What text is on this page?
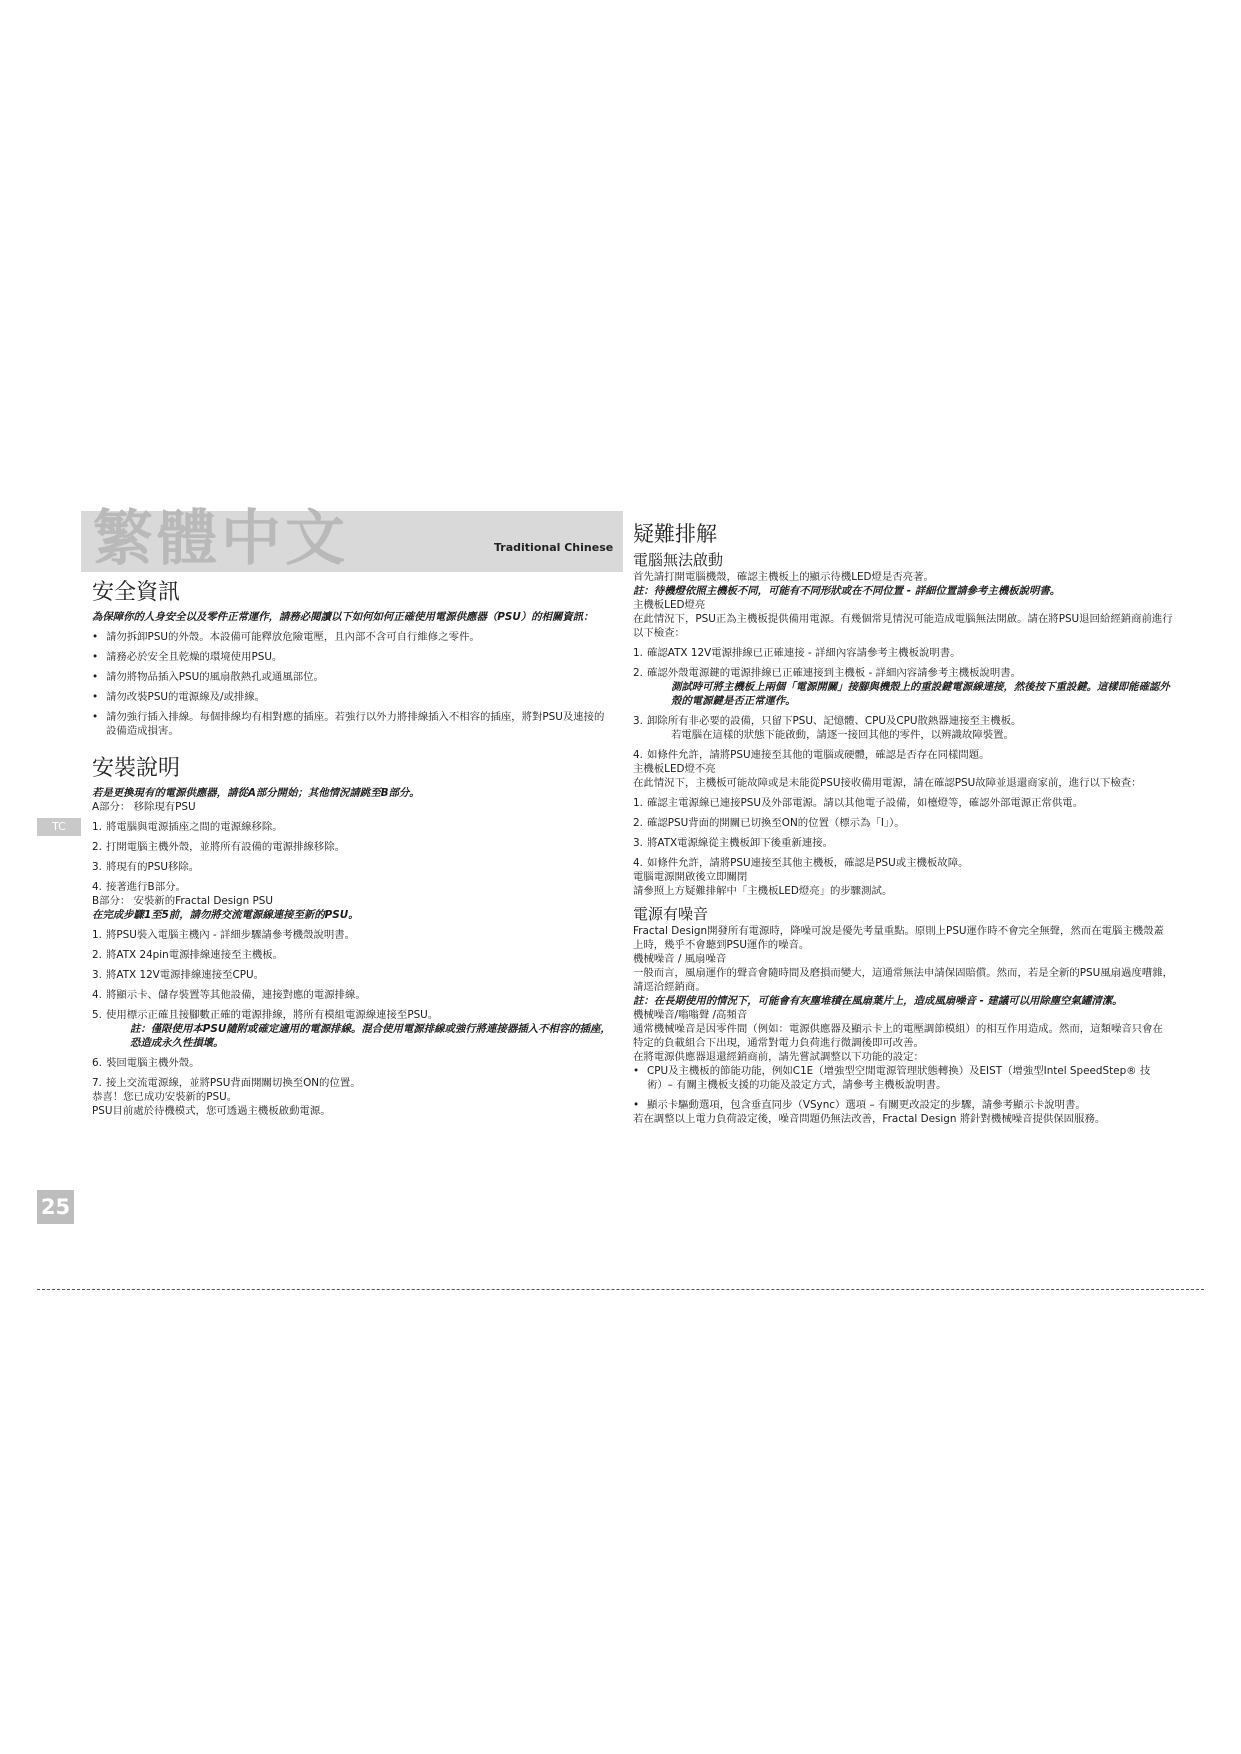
繁體中文	Traditional Chinese
TC
25
安全資訊

為保障你的人身安全以及零件正常運作，請務必閱讀以下如何如何正確使用電源供應器（PSU）的相關資訊：

• 請勿拆卸PSU的外殼。本設備可能釋放危險電壓，且內部不含可自行維修之零件。
• 請務必於安全且乾燥的環境使用PSU。
• 請勿將物品插入PSU的風扇散熱孔或通風部位。
• 請勿改裝PSU的電源線及/或排線。
• 請勿強行插入排線。每個排線均有相對應的插座。若強行以外力將排線插入不相容的插座，將對PSU及連接的設備造成損害。
安裝說明

若是更換現有的電源供應器，請從A部分開始；其他情況請跳至B部分。

A部分： 移除現有PSU

1. 將電腦與電源插座之間的電源線移除。
2. 打開電腦主機外殼，並將所有設備的電源排線移除。
3. 將現有的PSU移除。
4. 接著進行B部分。

B部分： 安裝新的Fractal Design PSU

在完成步驟1至5前，請勿將交流電源線連接至新的PSU。

1. 將PSU裝入電腦主機內 - 詳細步驟請參考機殼說明書。
2. 將ATX 24pin電源排線連接至主機板。
3. 將ATX 12V電源排線連接至CPU。
4. 將顯示卡、儲存裝置等其他設備，連接對應的電源排線。
5. 使用標示正確且接腳數正確的電源排線，將所有模組電源線連接至PSU。
註：僅限使用本PSU隨附或確定適用的電源排線。混合使用電源排線或強行將連接器插入不相容的插座，恐造成永久性損壞。
6. 裝回電腦主機外殼。
7. 接上交流電源線，並將PSU背面開關切換至ON的位置。

恭喜！您已成功安裝新的PSU。

PSU目前處於待機模式，您可透過主機板啟動電源。

疑難排解
電腦無法啟動

首先請打開電腦機殼，確認主機板上的顯示待機LED燈是否亮著。

註：待機燈依照主機板不同，可能有不同形狀或在不同位置 - 詳細位置請參考主機板說明書。

主機板LED燈亮

在此情況下，PSU正為主機板提供備用電源。有幾個常見情況可能造成電腦無法開啟。請在將PSU退回給經銷商前進行以下檢查：

1. 確認ATX 12V電源排線已正確連接 - 詳細內容請參考主機板說明書。
2. 確認外殼電源鍵的電源排線已正確連接到主機板 - 詳細內容請參考主機板說明書。
測試時可將主機板上兩個「電源開關」接腳與機殼上的重設鍵電源線連接，然後按下重設鍵。這樣即能確認外殼的電源鍵是否正常運作。
3. 卸除所有非必要的設備，只留下PSU、記憶體、CPU及CPU散熱器連接至主機板。
若電腦在這樣的狀態下能啟動，請逐一接回其他的零件，以辨識故障裝置。
4. 如條件允許，請將PSU連接至其他的電腦或硬體，確認是否存在同樣問題。

主機板LED燈不亮

在此情況下，主機板可能故障或是未能從PSU接收備用電源，請在確認PSU故障並退還商家前，進行以下檢查：

1. 確認主電源線已連接PSU及外部電源。請以其他電子設備，如檯燈等，確認外部電源正常供電。
2. 確認PSU背面的開關已切換至ON的位置（標示為「I」）。
3. 將ATX電源線從主機板卸下後重新連接。
4. 如條件允許，請將PSU連接至其他主機板，確認是PSU或主機板故障。

電腦電源開啟後立即關閉

請參照上方疑難排解中「主機板LED燈亮」的步驟測試。

電源有噪音

Fractal Design開發所有電源時，降噪可說是優先考量重點。原則上PSU運作時不會完全無聲，然而在電腦主機殼蓋上時，幾乎不會聽到PSU運作的噪音。

機械噪音 / 風扇噪音

一般而言，風扇運作的聲音會隨時間及磨損而變大，這通常無法申請保固賠償。然而，若是全新的PSU風扇過度嘈雜，請逕洽經銷商。

註：在長期使用的情況下，可能會有灰塵堆積在風扇葉片上，造成風扇噪音 - 建議可以用除塵空氣罐清潔。

機械噪音/嗡嗡聲 /高頻音

通常機械噪音是因零件間（例如：電源供應器及顯示卡上的電壓調節模組）的相互作用造成。然而，這類噪音只會在特定的負載組合下出現，通常對電力負荷進行微調後即可改善。

在將電源供應器退還經銷商前，請先嘗試調整以下功能的設定：

• CPU及主機板的節能功能，例如C1E（增強型空閒電源管理狀態轉換）及EIST（增強型Intel SpeedStep® 技術）– 有關主機板支援的功能及設定方式，請參考主機板說明書。
• 顯示卡驅動選項，包含垂直同步（VSync）選項 – 有關更改設定的步驟，請參考顯示卡說明書。

若在調整以上電力負荷設定後，噪音問題仍無法改善，Fractal Design 將針對機械噪音提供保固服務。
